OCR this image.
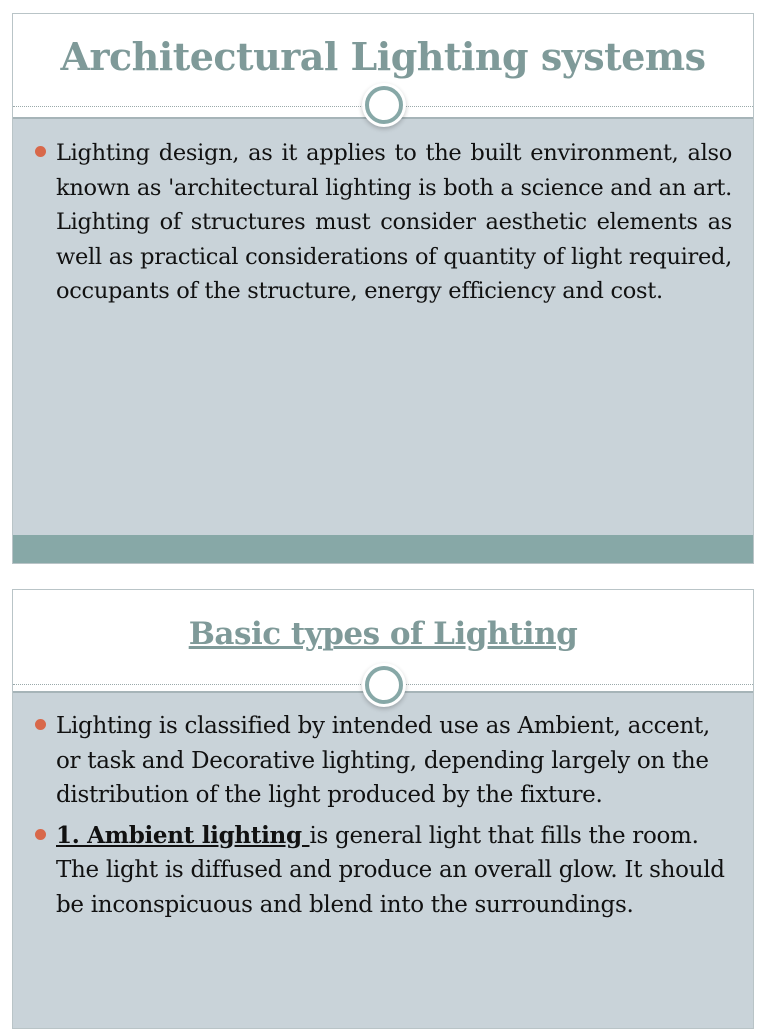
Architectural Lighting systems
Lighting design, as it applies to the built environment, also known as 'architectural lighting is both a science and an art. Lighting of structures must consider aesthetic elements as well as practical considerations of quantity of light required, occupants of the structure, energy efficiency and cost.
Basic types of Lighting
Lighting is classified by intended use as Ambient, accent, or task and Decorative lighting, depending largely on the distribution of the light produced by the fixture.
1. Ambient lighting is general light that fills the room. The light is diffused and produce an overall glow. It should be inconspicuous and blend into the surroundings.
